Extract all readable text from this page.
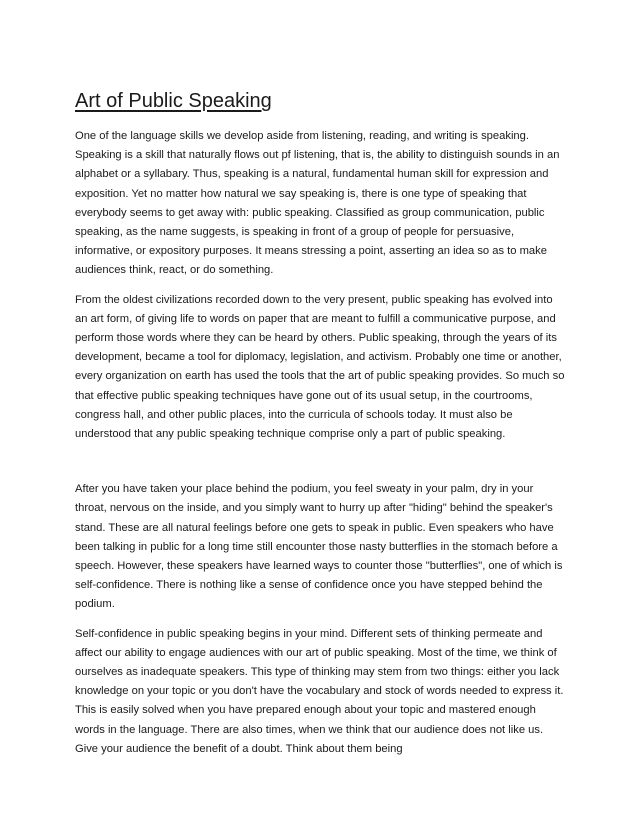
Art of Public Speaking

One of the language skills we develop aside from listening, reading, and writing is speaking. Speaking is a skill that naturally flows out pf listening, that is, the ability to distinguish sounds in an alphabet or a syllabary. Thus, speaking is a natural, fundamental human skill for expression and exposition. Yet no matter how natural we say speaking is, there is one type of speaking that everybody seems to get away with: public speaking. Classified as group communication, public speaking, as the name suggests, is speaking in front of a group of people for persuasive, informative, or expository purposes. It means stressing a point, asserting an idea so as to make audiences think, react, or do something.

From the oldest civilizations recorded down to the very present, public speaking has evolved into an art form, of giving life to words on paper that are meant to fulfill a communicative purpose, and perform those words where they can be heard by others. Public speaking, through the years of its development, became a tool for diplomacy, legislation, and activism. Probably one time or another, every organization on earth has used the tools that the art of public speaking provides. So much so that effective public speaking techniques have gone out of its usual setup, in the courtrooms, congress hall, and other public places, into the curricula of schools today. It must also be understood that any public speaking technique comprise only a part of public speaking.

After you have taken your place behind the podium, you feel sweaty in your palm, dry in your throat, nervous on the inside, and you simply want to hurry up after "hiding" behind the speaker's stand. These are all natural feelings before one gets to speak in public. Even speakers who have been talking in public for a long time still encounter those nasty butterflies in the stomach before a speech. However, these speakers have learned ways to counter those "butterflies", one of which is self-confidence. There is nothing like a sense of confidence once you have stepped behind the podium.

Self-confidence in public speaking begins in your mind. Different sets of thinking permeate and affect our ability to engage audiences with our art of public speaking. Most of the time, we think of ourselves as inadequate speakers. This type of thinking may stem from two things: either you lack knowledge on your topic or you don't have the vocabulary and stock of words needed to express it. This is easily solved when you have prepared enough about your topic and mastered enough words in the language. There are also times, when we think that our audience does not like us. Give your audience the benefit of a doubt. Think about them being
